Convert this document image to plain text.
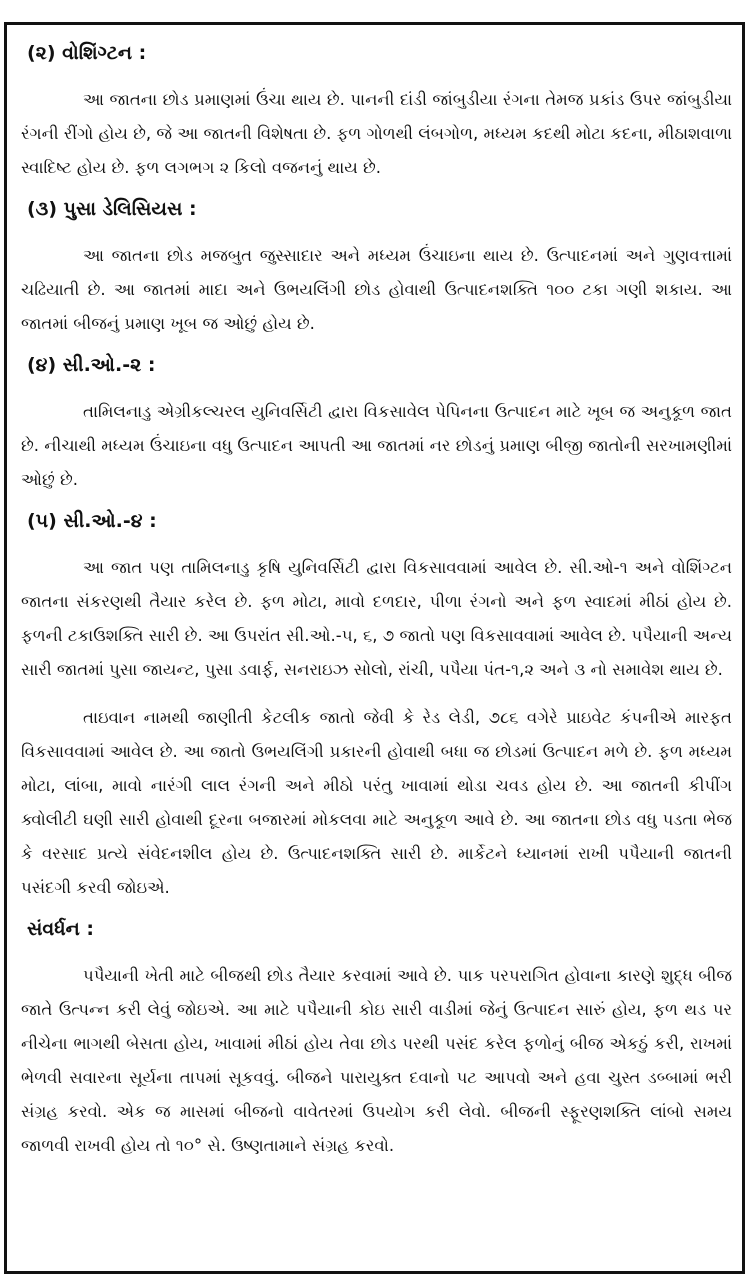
(૨) વોશિંગ્ટન :

આ જાતના છોડ પ્રમાણમાં ઉંચા થાય છે. પાનની દાંડી જાંબુડીયા રંગના તેમજ પ્રકાંડ ઉપર જાંબુડીયા રંગની રીંગો હોય છે, જે આ જાતની વિશેષતા છે. ફળ ગોળથી લંબગોળ, મધ્યમ કદથી મોટા કદના, મીઠાશવાળા સ્વાદિષ્ટ હોય છે. ફળ લગભગ ૨ કિલો વજનનું થાય છે.

(૩) પુસા ડેલિસિયસ :

આ જાતના છોડ મજબુત જુસ્સાદાર અને મધ્યમ ઉંચાઇના થાય છે. ઉત્પાદનમાં અને ગુણવત્તામાં ચઢિયાતી છે. આ જાતમાં માદા અને ઉભયલિંગી છોડ હોવાથી ઉત્પાદનશક્તિ ૧૦૦ ટકા ગણી શકાય. આ જાતમાં બીજનું પ્રમાણ ખૂબ જ ઓછું હોય છે.

(૪) સી.ઓ.-૨ :

તામિલનાડુ એગ્રીકલ્ચરલ યુનિવર્સિટી દ્વારા વિકસાવેલ પેપિનના ઉત્પાદન માટે ખૂબ જ અનુકૂળ જાત છે. નીચાથી મધ્યમ ઉંચાઇના વધુ ઉત્પાદન આપતી આ જાતમાં નર છોડનું પ્રમાણ બીજી જાતોની સરખામણીમાં ઓછું છે.

(૫) સી.ઓ.-૪ :

આ જાત પણ તામિલનાડુ કૃષિ યુનિવર્સિટી દ્વારા વિકસાવવામાં આવેલ છે. સી.ઓ-૧ અને વોશિંગ્ટન જાતના સંકરણથી તૈયાર કરેલ છે. ફળ મોટા, માવો દળદાર, પીળા રંગનો અને ફળ સ્વાદમાં મીઠાં હોય છે. ફળની ટકાઉશક્તિ સારી છે. આ ઉપરાંત સી.ઓ.-૫, ૬, ૭ જાતો પણ વિકસાવવામાં આવેલ છે. પપૈયાની અન્ય સારી જાતમાં પુસા જાયન્ટ, પુસા ડવાર્ફ, સનરાઇઝ સોલો, રાંચી, પપૈયા પંત-૧,૨ અને ૩ નો સમાવેશ થાય છે.

તાઇવાન નામથી જાણીતી કેટલીક જાતો જેવી કે રેડ લેડી, ૭૮૬ વગેરે પ્રાઇવેટ કંપનીએ મારફત વિકસાવવામાં આવેલ છે. આ જાતો ઉભયલિંગી પ્રકારની હોવાથી બધા જ છોડમાં ઉત્પાદન મળે છે. ફળ મધ્યમ મોટા, લાંબા, માવો નારંગી લાલ રંગની અને મીઠો પરંતુ ખાવામાં થોડા ચવડ હોય છે. આ જાતની કીપીંગ ક્વોલીટી ઘણી સારી હોવાથી દૂરના બજારમાં મોકલવા માટે અનુકૂળ આવે છે. આ જાતના છોડ વધુ પડતા ભેજ કે વરસાદ પ્રત્યે સંવેદનશીલ હોય છે. ઉત્પાદનશક્તિ સારી છે. માર્કેટને ધ્યાનમાં રાખી પપૈયાની જાતની પસંદગી કરવી જોઇએ.

સંવર્ધન :

પપૈયાની ખેતી માટે બીજથી છોડ તૈયાર કરવામાં આવે છે. પાક પરપરાગિત હોવાના કારણે શુદ્ધ બીજ જાતે ઉત્પન્ન કરી લેવું જોઇએ. આ માટે પપૈયાની કોઇ સારી વાડીમાં જેનું ઉત્પાદન સારું હોય, ફળ થડ પર નીચેના ભાગથી બેસતા હોય, ખાવામાં મીઠાં હોય તેવા છોડ પરથી પસંદ કરેલ ફળોનું બીજ એકઠું કરી, રાખમાં ભેળવી સવારના સૂર્યના તાપમાં સૂકવવું. બીજને પારાયુક્ત દવાનો પટ આપવો અને હવા ચુસ્ત ડબ્બામાં ભરી સંગ્રહ કરવો. એક જ માસમાં બીજનો વાવેતરમાં ઉપયોગ કરી લેવો. બીજની સ્ફૂરણશક્તિ લાંબો સમય જાળવી રાખવી હોય તો ૧૦° સે. ઉષ્ણતામાને સંગ્રહ કરવો.
